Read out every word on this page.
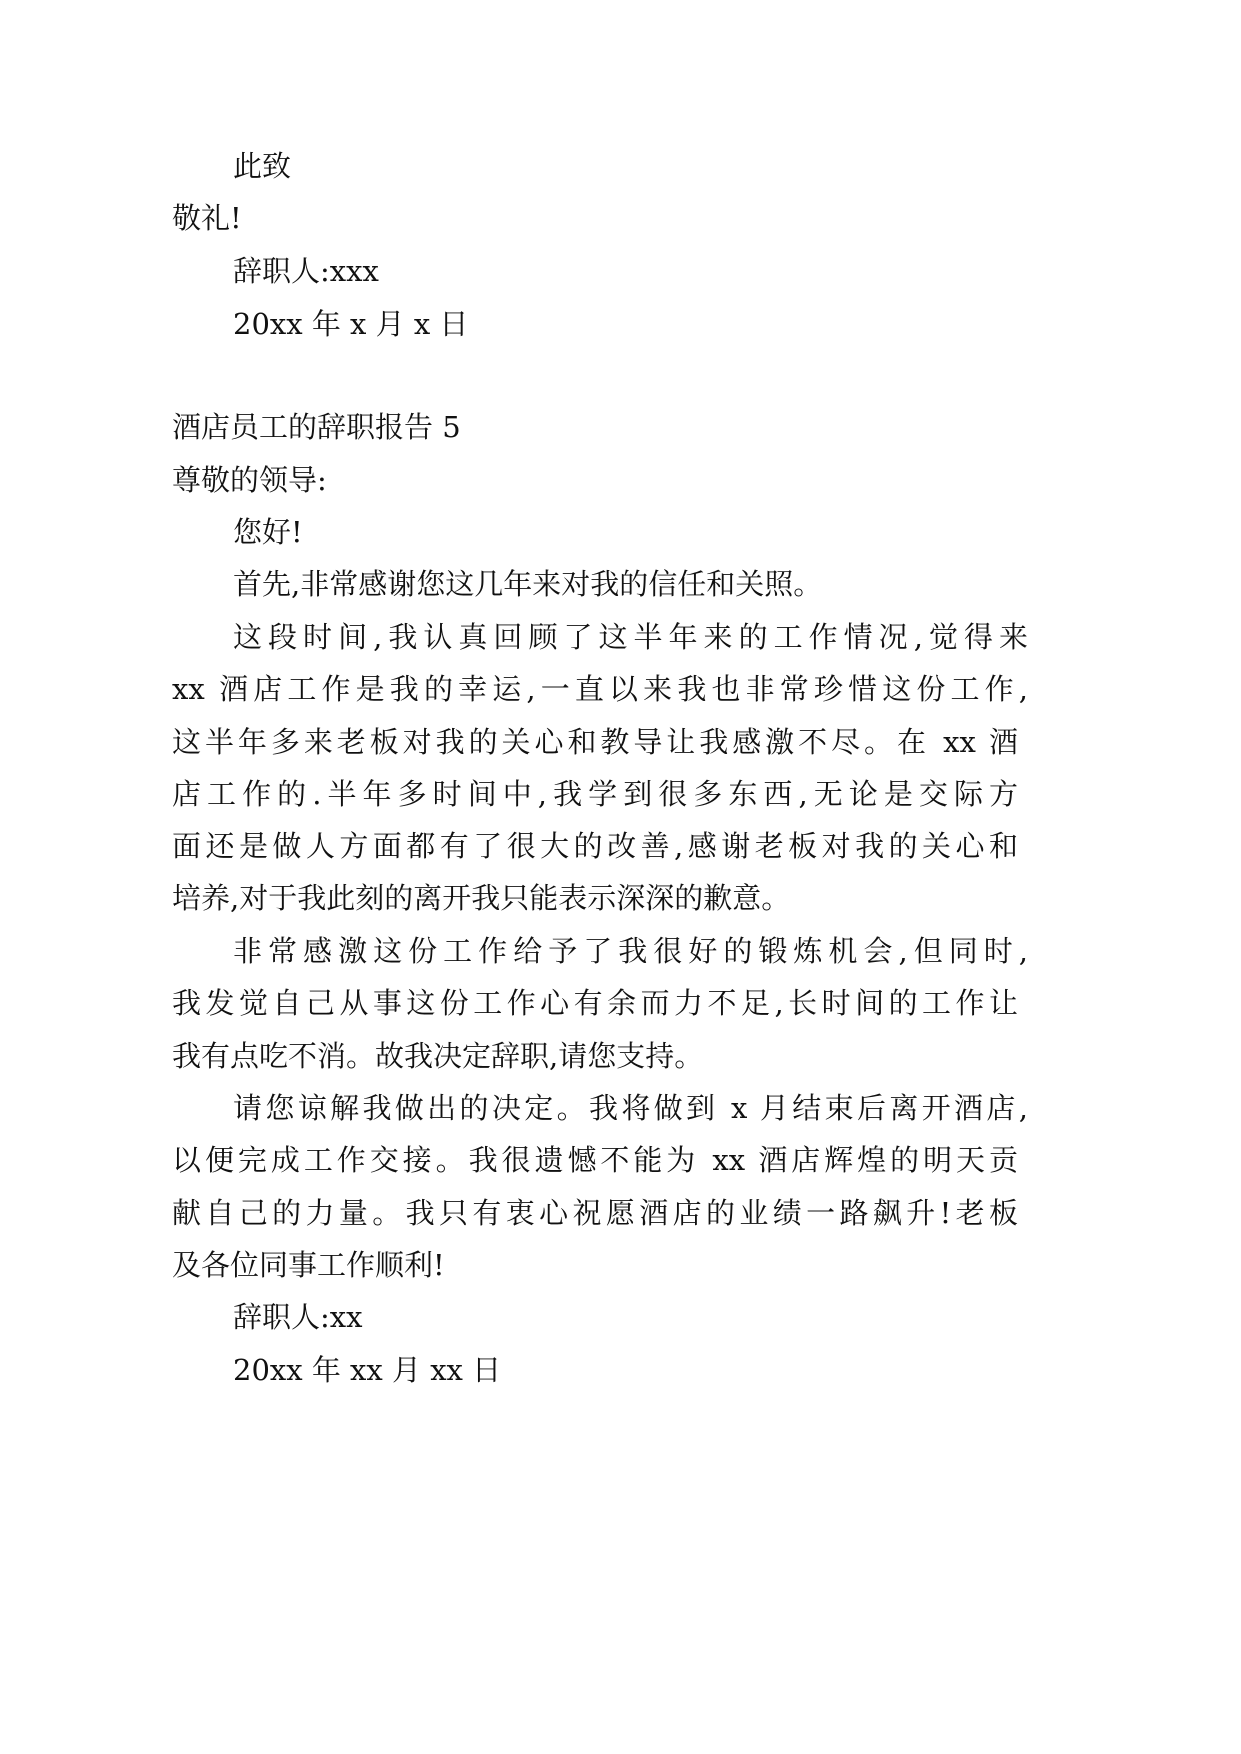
此致

敬礼!

辞职人:xxx

20xx 年 x 月 x 日

酒店员工的辞职报告 5

尊敬的领导:

您好!

首先,非常感谢您这几年来对我的信任和关照。

这段时间,我认真回顾了这半年来的工作情况,觉得来

xx 酒店工作是我的幸运,一直以来我也非常珍惜这份工作,

这半年多来老板对我的关心和教导让我感激不尽。在 xx 酒

店工作的.半年多时间中,我学到很多东西,无论是交际方

面还是做人方面都有了很大的改善,感谢老板对我的关心和

培养,对于我此刻的离开我只能表示深深的歉意。

非常感激这份工作给予了我很好的锻炼机会,但同时,

我发觉自己从事这份工作心有余而力不足,长时间的工作让

我有点吃不消。故我决定辞职,请您支持。

请您谅解我做出的决定。我将做到 x 月结束后离开酒店,

以便完成工作交接。我很遗憾不能为 xx 酒店辉煌的明天贡

献自己的力量。我只有衷心祝愿酒店的业绩一路飙升!老板

及各位同事工作顺利!

辞职人:xx

20xx 年 xx 月 xx 日
